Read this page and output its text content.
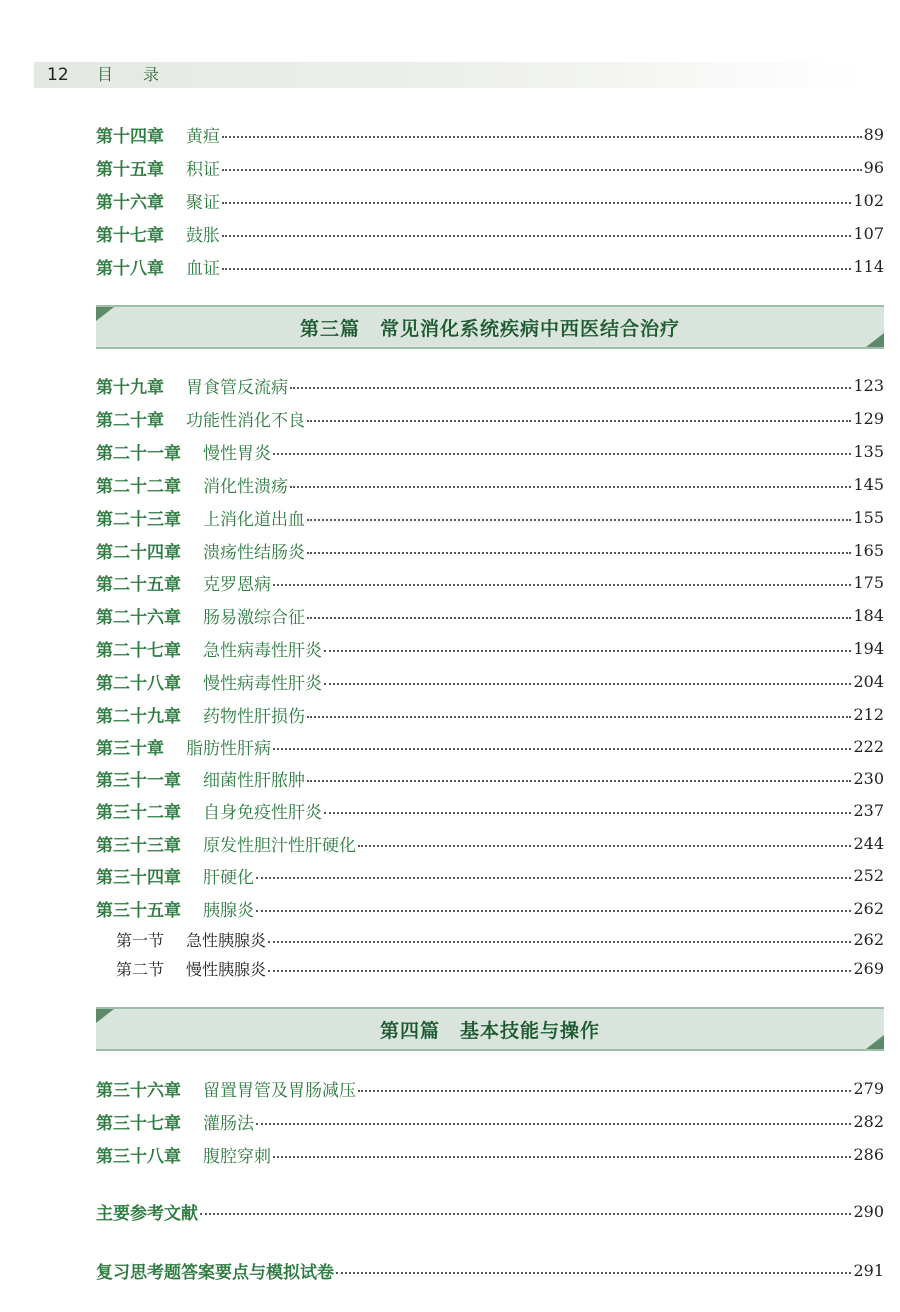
12 目录
第十四章 黄疸	89
第十五章 积证	96
第十六章 聚证	102
第十七章 鼓胀	107
第十八章 血证	114
第三篇　常见消化系统疾病中西医结合治疗
第十九章 胃食管反流病	123
第二十章 功能性消化不良	129
第二十一章 慢性胃炎	135
第二十二章 消化性溃疡	145
第二十三章 上消化道出血	155
第二十四章 溃疡性结肠炎	165
第二十五章 克罗恩病	175
第二十六章 肠易激综合征	184
第二十七章 急性病毒性肝炎	194
第二十八章 慢性病毒性肝炎	204
第二十九章 药物性肝损伤	212
第三十章 脂肪性肝病	222
第三十一章 细菌性肝脓肿	230
第三十二章 自身免疫性肝炎	237
第三十三章 原发性胆汁性肝硬化	244
第三十四章 肝硬化	252
第三十五章 胰腺炎	262
第一节 急性胰腺炎	262
第二节 慢性胰腺炎	269
第四篇　基本技能与操作
第三十六章 留置胃管及胃肠减压	279
第三十七章 灌肠法	282
第三十八章 腹腔穿刺	286
主要参考文献	290
复习思考题答案要点与模拟试卷	291
